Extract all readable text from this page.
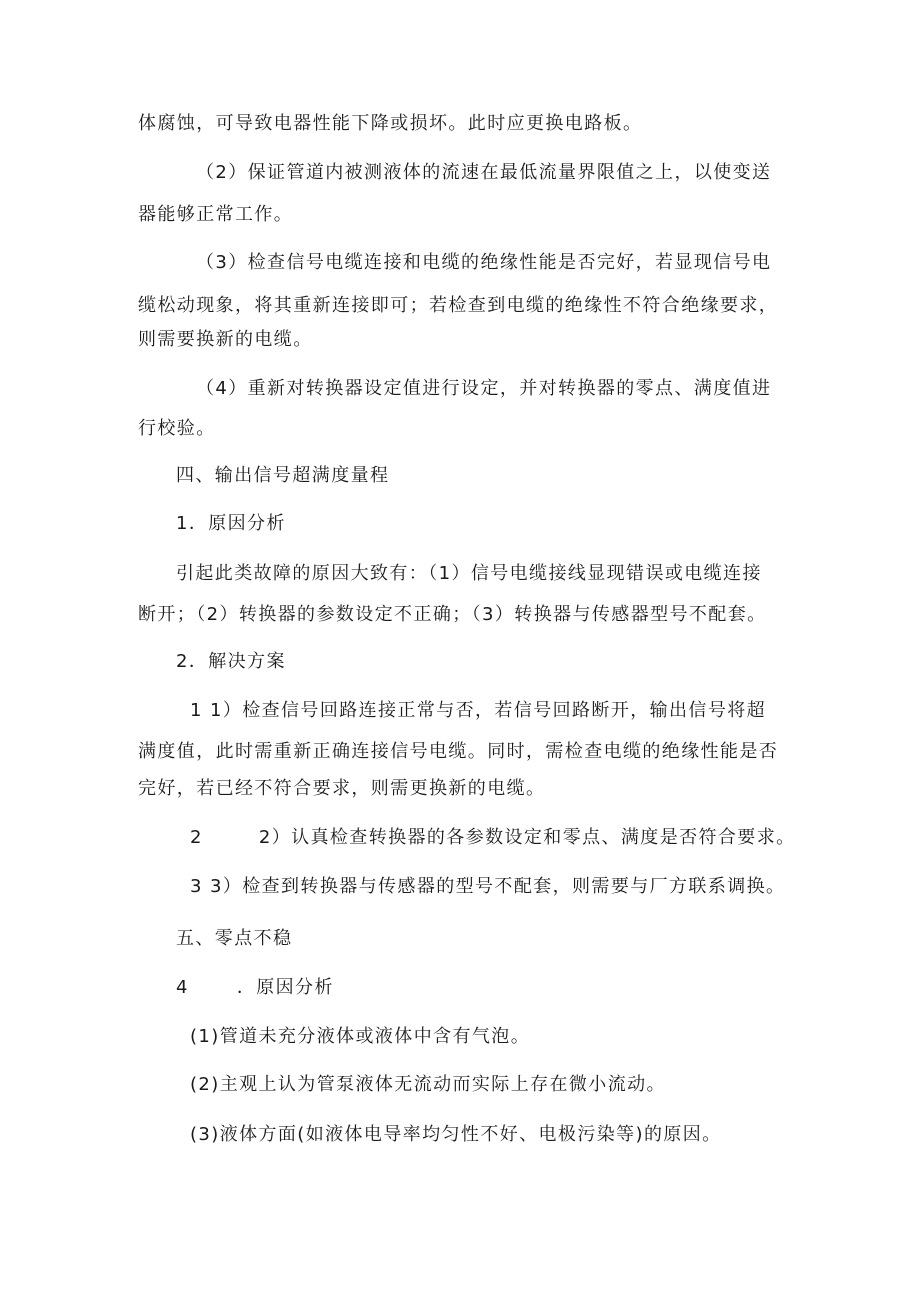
体腐蚀，可导致电器性能下降或损坏。此时应更换电路板。
（2）保证管道内被测液体的流速在最低流量界限值之上，以使变送
器能够正常工作。
（3）检查信号电缆连接和电缆的绝缘性能是否完好，若显现信号电
缆松动现象，将其重新连接即可；若检查到电缆的绝缘性不符合绝缘要求，
则需要换新的电缆。
（4）重新对转换器设定值进行设定，并对转换器的零点、满度值进
行校验。
四、输出信号超满度量程
1．原因分析
引起此类故障的原因大致有：（1）信号电缆接线显现错误或电缆连接
断开；（2）转换器的参数设定不正确；（3）转换器与传感器型号不配套。
2．解决方案
1 1）检查信号回路连接正常与否，若信号回路断开，输出信号将超
满度值，此时需重新正确连接信号电缆。同时，需检查电缆的绝缘性能是否
完好，若已经不符合要求，则需更换新的电缆。
2	2）认真检查转换器的各参数设定和零点、满度是否符合要求。
3 3）检查到转换器与传感器的型号不配套，则需要与厂方联系调换。
五、零点不稳
4	．原因分析
(1)管道未充分液体或液体中含有气泡。
(2)主观上认为管泵液体无流动而实际上存在微小流动。
(3)液体方面(如液体电导率均匀性不好、电极污染等)的原因。
